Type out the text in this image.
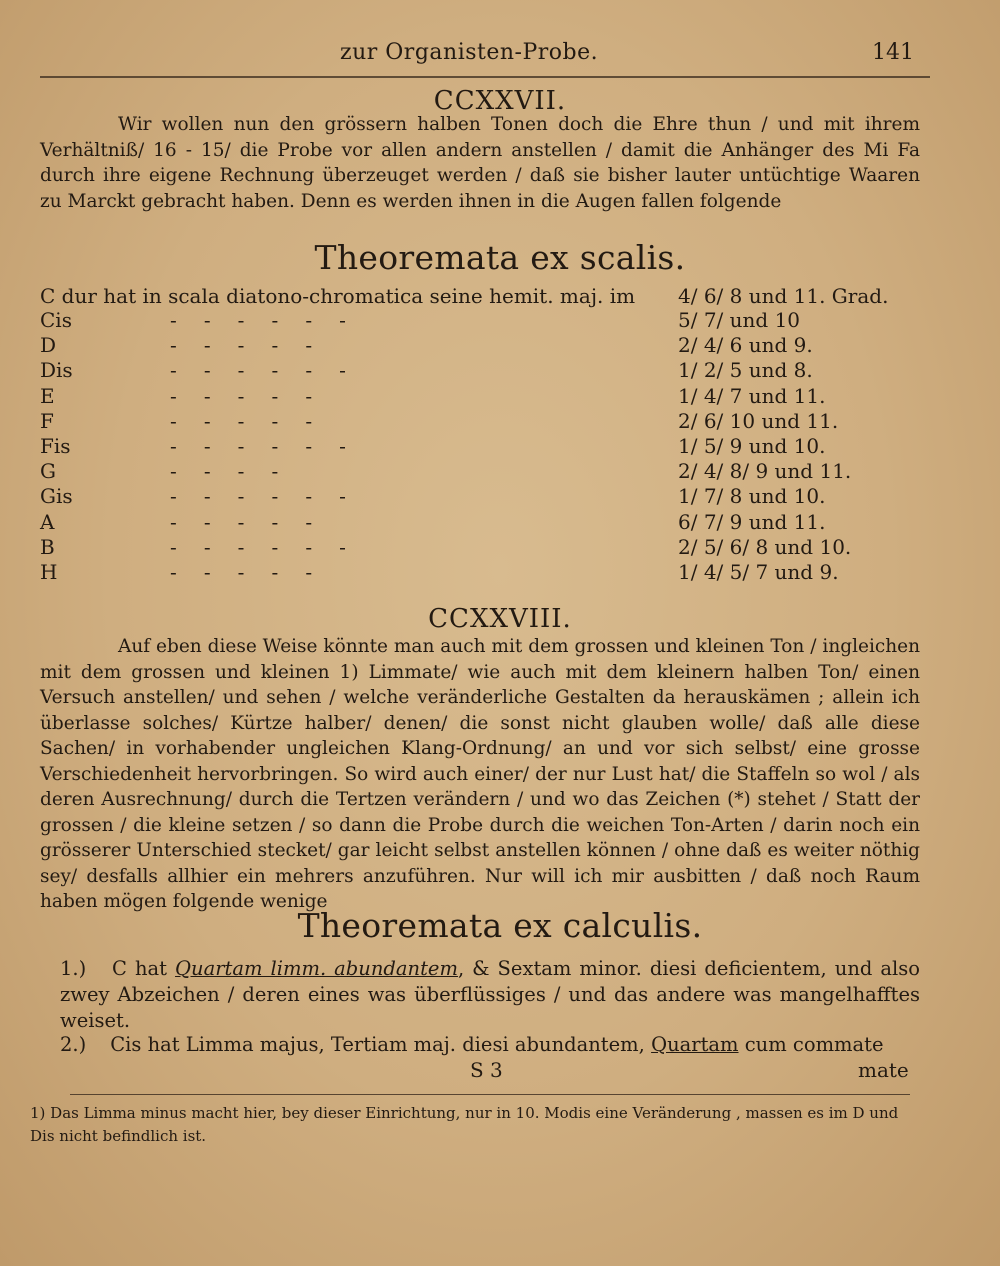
zur Organisten-Probe.	141
CCXXVII.

Wir wollen nun den grössern halben Tonen doch die Ehre thun / und mit ihrem Verhältniß/ 16 - 15/ die Probe vor allen andern anstellen / damit die Anhänger des Mi Fa durch ihre eigene Rechnung überzeuget werden / daß sie bisher lauter untüchtige Waaren zu Marckt gebracht haben. Denn es werden ihnen in die Augen fallen folgende

Theoremata ex scalis.
C dur hat in scala diatono-chromatica seine hemit. maj. im 4/ 6/ 8 und 11. Grad.
Cis	-   -   -   -   -   -	5/ 7/ und 10
D	-   -   -   -   -	2/ 4/ 6 und 9.
Dis	-   -   -   -   -   -	1/ 2/ 5 und 8.
E	-   -   -   -   -	1/ 4/ 7 und 11.
F	-   -   -   -   -	2/ 6/ 10 und 11.
Fis	-   -   -   -   -   -	1/ 5/ 9 und 10.
G	-   -   -   -	2/ 4/ 8/ 9 und 11.
Gis	-   -   -   -   -   -	1/ 7/ 8 und 10.
A	-   -   -   -   -	6/ 7/ 9 und 11.
B	-   -   -   -   -   -	2/ 5/ 6/ 8 und 10.
H	-   -   -   -   -	1/ 4/ 5/ 7 und 9.
CCXXVIII.

Auf eben diese Weise könnte man auch mit dem grossen und kleinen Ton / ingleichen mit dem grossen und kleinen 1) Limmate/ wie auch mit dem kleinern halben Ton/ einen Versuch anstellen/ und sehen / welche veränderliche Gestalten da herauskämen ; allein ich überlasse solches/ Kürtze halber/ denen/ die sonst nicht glauben wolle/ daß alle diese Sachen/ in vorhabender ungleichen Klang-Ordnung/ an und vor sich selbst/ eine grosse Verschiedenheit hervorbringen. So wird auch einer/ der nur Lust hat/ die Staffeln so wol / als deren Ausrechnung/ durch die Tertzen verändern / und wo das Zeichen (*) stehet / Statt der grossen / die kleine setzen / so dann die Probe durch die weichen Ton-Arten / darin noch ein grösserer Unterschied stecket/ gar leicht selbst anstellen können / ohne daß es weiter nöthig sey/ desfalls allhier ein mehrers anzuführen. Nur will ich mir ausbitten / daß noch Raum haben mögen folgende wenige

Theoremata ex calculis.
1.) C hat Quartam limm. abundantem, & Sextam minor. diesi deficientem, und also zwey Abzeichen / deren eines was überflüssiges / und das andere was mangelhafftes weiset.
2.) Cis hat Limma majus, Tertiam maj. diesi abundantem, Quartam cum commate
S 3	mate
1) Das Limma minus macht hier, bey dieser Einrichtung, nur in 10. Modis eine Veränderung , massen es im D und Dis nicht befindlich ist.
